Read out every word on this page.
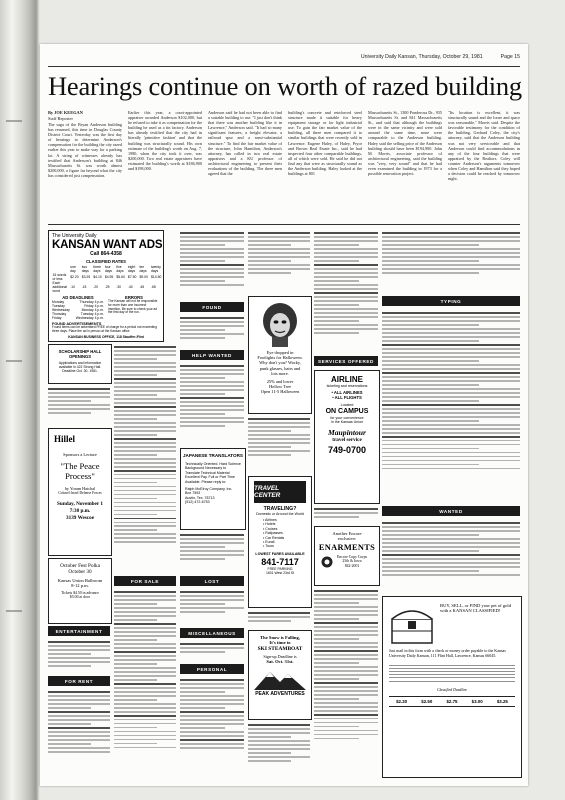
University Daily Kansan, Thursday, October 29, 1981	Page 15
Hearings continue on worth of razed building
By JOE KEEGAN
Staff Reporter
The saga of the Bryan Anderson building has resumed, this time in Douglas County District Court. Yesterday was the first day of hearings to determine Anderson's compensation for the building the city razed earlier this year to make way for a parking lot. A string of witnesses already has testified that Anderson's building at 846 Massachusetts St. was worth almost $200,000, a figure far beyond what the city has considered just compensation.
Earlier this year, a court-appointed appraiser awarded Anderson $102,000, but he refused to take it as compensation for the building he used as a tin factory. Anderson has already testified that the city had in literally 'primitive fashion' and that the building was structurally sound. His own estimate of the building's worth on Aug. 7, 1980, when the city took it over, was $200,000. Two real estate appraisers have estimated the building's worth at $186,900 and $198,000.
Anderson said he had not been able to find a suitable building to use. "I just don't think that there was another building like it in Lawrence," Anderson said. "It had so many significant features, a freight elevator, a railroad spur and a semi-substantial structure." To find the fair market value of the structure, John Hamilton, Anderson's attorney, has called in two real estate appraisers and a KU professor of architectural engineering to present their evaluations of the building. The three men agreed that the
building's concrete and reinforced steel structure made it suitable for heavy equipment storage or for light industrial use. To gain the fair market value of the building, all three men compared it to similar buildings that were recently sold in Lawrence. Eugene Haley, of Haley, Pryor and Brown Real Estate Inc., said he had inspected four other comparable buildings, all of which were sold. He said he did not find any that were as structurally sound as the Anderson building. Haley looked at the buildings at 801
Massachusetts St., 1300 Ponderosa Dr., 935 Massachusetts St. and 841 Massachusetts St., and said that although the buildings were in the same vicinity and were sold around the same time, none were comparable to the Anderson building. Haley said the selling price of the Anderson building should have been $194,900. John M. Morris, associate professor of architectural engineering, said the building was "very, very sound" and that he had even examined the building in 1973 for a possible renovation project.
"Its location is excellent, it was structurally sound and the loose and space was reasonable," Morris said. Despite the favorable testimony for the condition of the building, Gerhard Coley, the city's attorney, said that the Anderson building was not very serviceable and that Anderson could find accommodations in any of the four buildings that were appraised by the Realtors. Coley will counter Anderson's arguments tomorrow when Coley and Hamilton said they hoped a decision could be reached by tomorrow night.
The University Daily
KANSAN WANT ADS
Call 864-4358
CLASSIFIED RATES
	one day	two days	three days	four days	five days	eight days	ten days	twenty days
15 words or less	$2.20	$3.25	$4.10	$4.95	$5.60	$7.50	$9.00	$14.50
Each additional word	.10	.15	.20	.25	.30	.40	.45	.65
AD DEADLINES
Monday	Thursday 4 p.m.
Tuesday	Friday 4 p.m.
Wednesday	Monday 4 p.m.
Thursday	Tuesday 4 p.m.
Friday	Wednesday 4 p.m.
ERRORS
The Kansan will not be responsible for more than one incorrect insertion. Be sure to check your ad the first day of the run.
FOUND ADVERTISEMENTS
Found items can be advertised FREE of charge for a period not exceeding three days. Place the ad in person at the Kansan office.
KANSAN BUSINESS OFFICE, 118 Stauffer-Flint
SCHOLARSHIP HALL OPENINGS
Applications and information available in 422 Strong Hall. Deadline Oct. 30, 1981.
Hillel
Sponsors a Lecture
"The Peace Process"
by Yoram Hatchal
Colonel Israel Defense Forces
Sunday, November 1
7:30 p.m.
3139 Wescoe
October Fest Polka
October 30
Kansas Union Ballroom
8-12 p.m.
Tickets $4.50 in advance
$5.00 at door
ENTERTAINMENT
FOR RENT
FOR SALE
FOUND
HELP WANTED
JAPANESE TRANSLATORS
Technically Oriented. Hard Science Background Necessary to Translate Technical Material Excellent Pay. Full or Part Time Available. Please reply to:
Ralph McElroy Company, Inc.
Box 7593
Austin, Tex. 78713
(512) 472-6753
LOST
MISCELLANEOUS
PERSONAL
Eye dropped in
Footlights for Halloween.
Why don't you? Wacky,
punk glasses, hairs and
lots more.
25% and lower
Hollow Tree
Open 11-5 Halloween
TRAVEL CENTER
TRAVELING?
Domestic or Around the World
• Airlines
• Hotels
• Cruises
• Railpasses
• Car Rentals
• Eurail
• Tours
LOWEST FARES AVAILABLE
841-7117
FREE PARKING
1601 West 23rd St
The Snow is Falling,
It's time to
SKI STEAMBOAT
Sign-up Deadline is
Sat. Oct. 31st.
PEAK ADVENTURES
SERVICES OFFERED
AIRLINE
ticketing and reservations
• ALL AIRLINES
• ALL FLIGHTS
Located
ON CAMPUS
for your convenience
in the Kansas Union
Maupintour
travel service
749-0700
Another Encore
exclusive:
ENARMENTS
Encore Copy Corps
25th & Iowa
842-2001
TYPING
WANTED
BUY, SELL, or FIND your pet of gold with a KANSAN CLASSIFIED!
Just mail in this form with a check or money order payable to the Kansas University Daily Kansan, 111 Flint Hall, Lawrence, Kansas 66045.
Classified Deadline
$2.20	$2.50	$2.75	$3.00	$3.25
